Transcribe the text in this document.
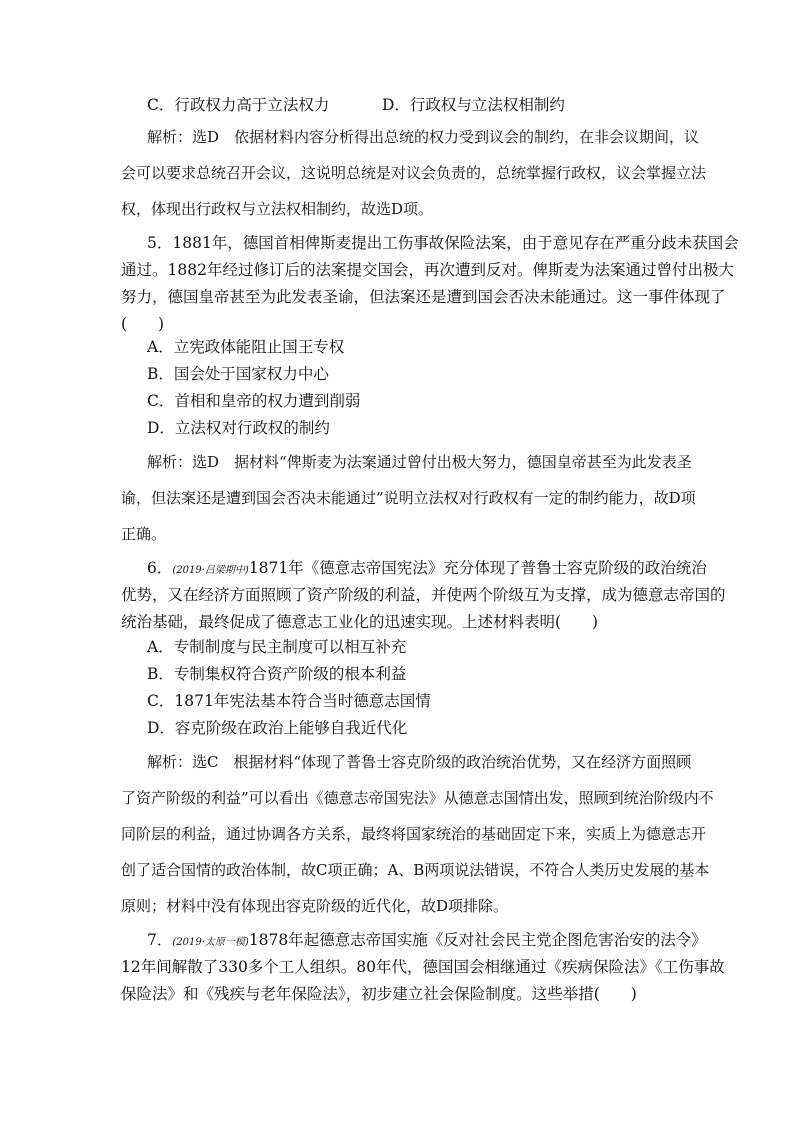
C．行政权力高于立法权力	D．行政权与立法权相制约
解析：选D　依据材料内容分析得出总统的权力受到议会的制约，在非会议期间，议
会可以要求总统召开会议，这说明总统是对议会负责的，总统掌握行政权，议会掌握立法
权，体现出行政权与立法权相制约，故选D项。
5．1881年，德国首相俾斯麦提出工伤事故保险法案，由于意见存在严重分歧未获国会
通过。1882年经过修订后的法案提交国会，再次遭到反对。俾斯麦为法案通过曾付出极大
努力，德国皇帝甚至为此发表圣谕，但法案还是遭到国会否决未能通过。这一事件体现了
(　　)
A．立宪政体能阻止国王专权
B．国会处于国家权力中心
C．首相和皇帝的权力遭到削弱
D．立法权对行政权的制约
解析：选D　据材料“俾斯麦为法案通过曾付出极大努力，德国皇帝甚至为此发表圣
谕，但法案还是遭到国会否决未能通过”说明立法权对行政权有一定的制约能力，故D项
正确。
6．(2019·吕梁期中)1871年《德意志帝国宪法》充分体现了普鲁士容克阶级的政治统治
优势，又在经济方面照顾了资产阶级的利益，并使两个阶级互为支撑，成为德意志帝国的
统治基础，最终促成了德意志工业化的迅速实现。上述材料表明(　　)
A．专制制度与民主制度可以相互补充
B．专制集权符合资产阶级的根本利益
C．1871年宪法基本符合当时德意志国情
D．容克阶级在政治上能够自我近代化
解析：选C　根据材料“体现了普鲁士容克阶级的政治统治优势，又在经济方面照顾
了资产阶级的利益”可以看出《德意志帝国宪法》从德意志国情出发，照顾到统治阶级内不
同阶层的利益，通过协调各方关系，最终将国家统治的基础固定下来，实质上为德意志开
创了适合国情的政治体制，故C项正确；A、B两项说法错误，不符合人类历史发展的基本
原则；材料中没有体现出容克阶级的近代化，故D项排除。
7．(2019·太原一模)1878年起德意志帝国实施《反对社会民主党企图危害治安的法令》
12年间解散了330多个工人组织。80年代，德国国会相继通过《疾病保险法》《工伤事故
保险法》和《残疾与老年保险法》，初步建立社会保险制度。这些举措(　　)
